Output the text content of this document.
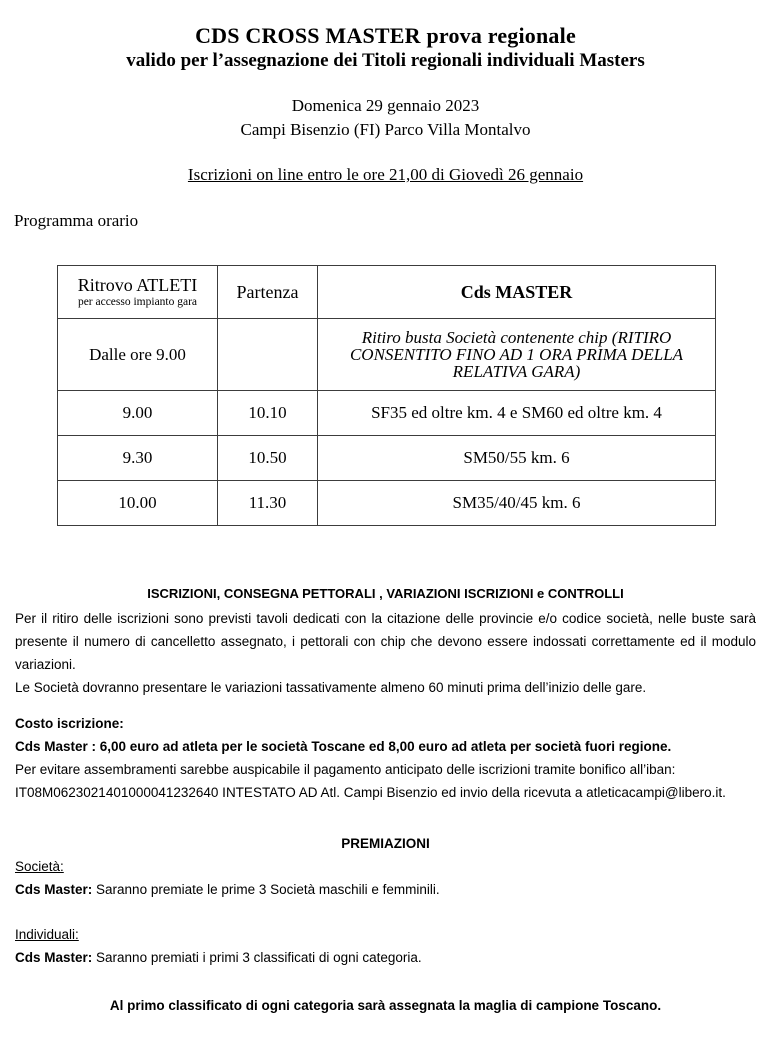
CDS CROSS MASTER prova regionale
valido per l’assegnazione dei Titoli regionali individuali Masters
Domenica 29 gennaio 2023
Campi Bisenzio (FI) Parco Villa Montalvo
Iscrizioni on line entro le ore 21,00 di Giovedì 26 gennaio
Programma orario
Ritrovo ATLETI
per accesso impianto gara	Partenza	Cds MASTER
Dalle ore 9.00		Ritiro busta Società contenente chip (RITIRO CONSENTITO FINO AD 1 ORA PRIMA DELLA RELATIVA GARA)
9.00	10.10	SF35 ed oltre km. 4 e SM60 ed oltre km. 4
9.30	10.50	SM50/55 km. 6
10.00	11.30	SM35/40/45 km. 6
ISCRIZIONI, CONSEGNA PETTORALI , VARIAZIONI ISCRIZIONI e CONTROLLI
Per il ritiro delle iscrizioni sono previsti tavoli dedicati con la citazione delle provincie e/o codice società, nelle buste sarà presente il numero di cancelletto assegnato, i pettorali con chip che devono essere indossati correttamente ed il modulo variazioni.
Le Società dovranno presentare le variazioni tassativamente almeno 60 minuti prima dell’inizio delle gare.
Costo iscrizione:
Cds Master : 6,00 euro ad atleta per le società Toscane ed 8,00 euro ad atleta per società fuori regione.
Per evitare assembramenti sarebbe auspicabile il pagamento anticipato delle iscrizioni tramite bonifico all’iban:
IT08M0623021401000041232640 INTESTATO AD Atl. Campi Bisenzio ed invio della ricevuta a atleticacampi@libero.it.
PREMIAZIONI
Società:
Cds Master: Saranno premiate le prime 3 Società maschili e femminili.
Individuali:
Cds Master: Saranno premiati i primi 3 classificati di ogni categoria.
Al primo classificato di ogni categoria sarà assegnata la maglia di campione Toscano.
